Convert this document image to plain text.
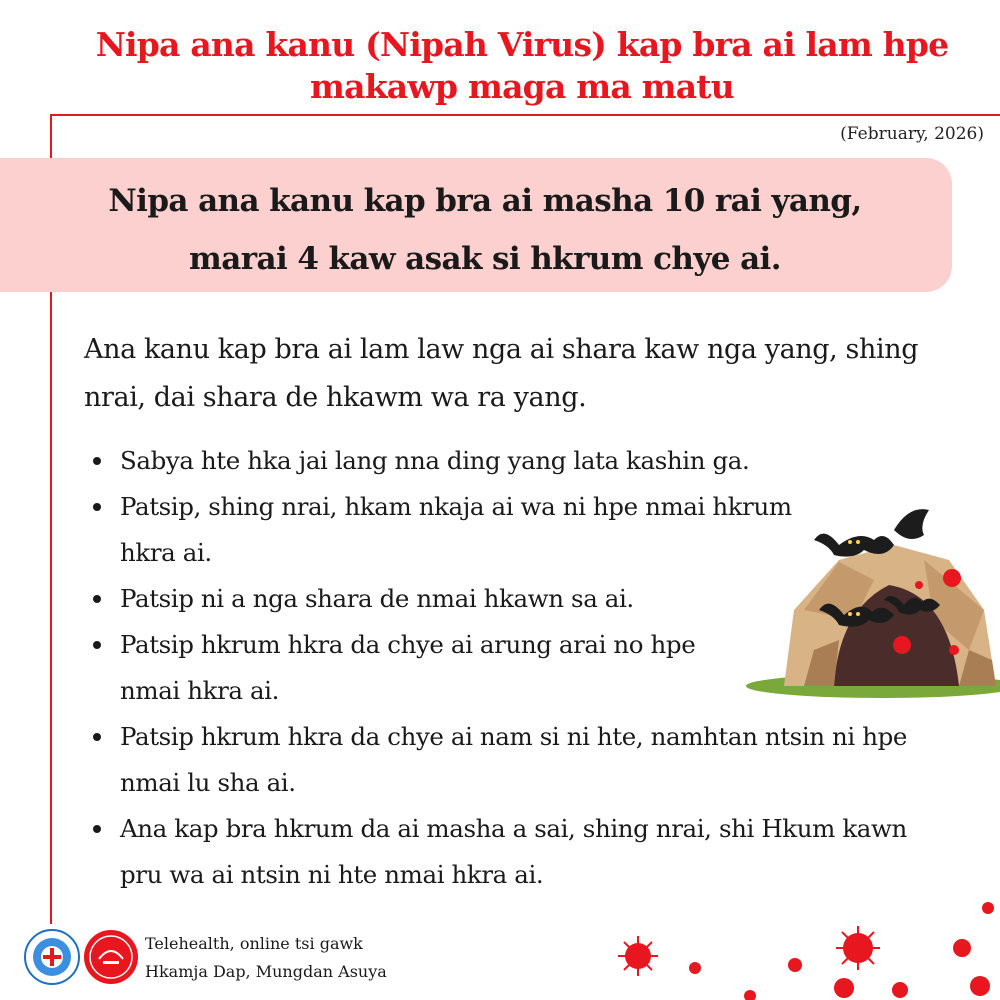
Nipa ana kanu (Nipah Virus) kap bra ai lam hpe makawp maga ma matu
(February, 2026)
Nipa ana kanu kap bra ai masha 10 rai yang,
marai 4 kaw asak si hkrum chye ai.
Ana kanu kap bra ai lam law nga ai shara kaw nga yang, shing nrai, dai shara de hkawm wa ra yang.
Sabya hte hka jai lang nna ding yang lata kashin ga.
Patsip, shing nrai, hkam nkaja ai wa ni hpe nmai hkrum hkra ai.
Patsip ni a nga shara de nmai hkawn sa ai.
Patsip hkrum hkra da chye ai arung arai no hpe nmai hkra ai.
Patsip hkrum hkra da chye ai nam si ni hte, namhtan ntsin ni hpe nmai lu sha ai.
Ana kap bra hkrum da ai masha a sai, shing nrai, shi Hkum kawn pru wa ai ntsin ni hte nmai hkra ai.
Telehealth, online tsi gawk
Hkamja Dap, Mungdan Asuya
